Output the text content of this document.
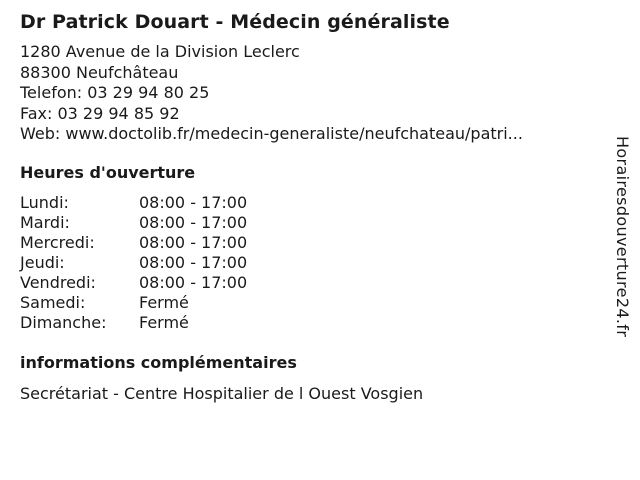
Dr Patrick Douart - Médecin généraliste
1280 Avenue de la Division Leclerc
88300 Neufchâteau
Telefon: 03 29 94 80 25
Fax: 03 29 94 85 92
Web: www.doctolib.fr/medecin-generaliste/neufchateau/patri...
Heures d'ouverture
Lundi:	08:00 - 17:00
Mardi:	08:00 - 17:00
Mercredi:	08:00 - 17:00
Jeudi:	08:00 - 17:00
Vendredi:	08:00 - 17:00
Samedi:	Fermé
Dimanche:	Fermé
informations complémentaires
Secrétariat - Centre Hospitalier de l Ouest Vosgien
Horairesdouverture24.fr
